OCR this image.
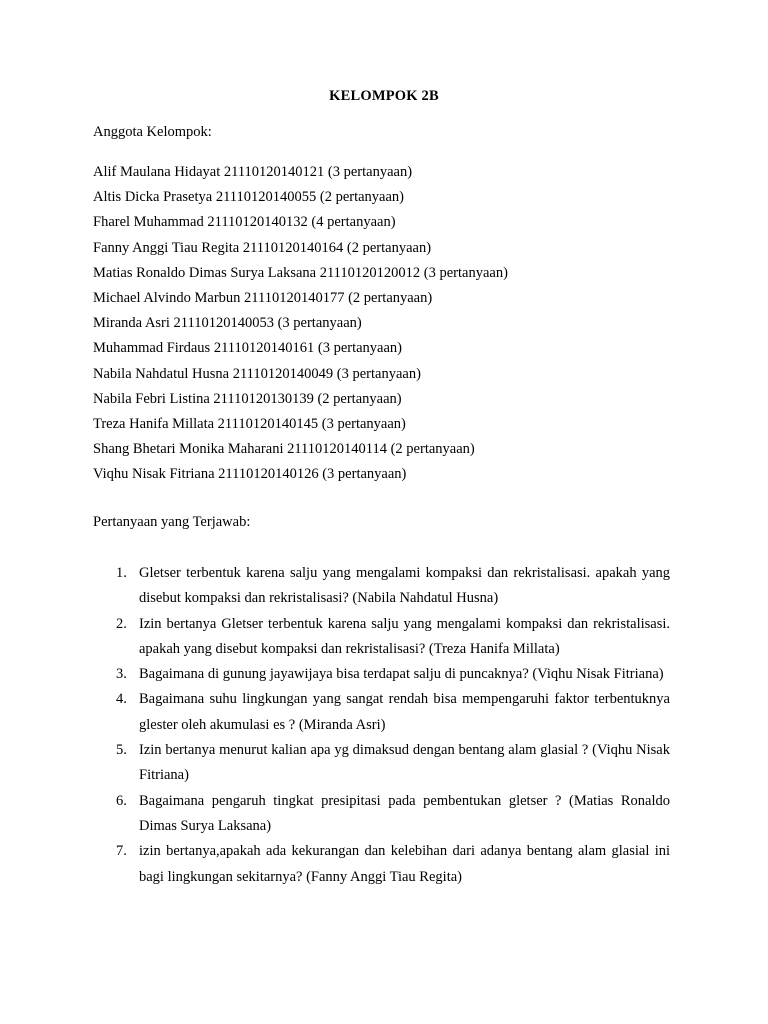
KELOMPOK 2B
Anggota Kelompok:
Alif Maulana Hidayat 21110120140121 (3 pertanyaan)
Altis Dicka Prasetya 21110120140055 (2 pertanyaan)
Fharel Muhammad 21110120140132 (4 pertanyaan)
Fanny Anggi Tiau Regita 21110120140164 (2 pertanyaan)
Matias Ronaldo Dimas Surya Laksana 21110120120012 (3 pertanyaan)
Michael Alvindo Marbun 21110120140177 (2 pertanyaan)
Miranda Asri 21110120140053 (3 pertanyaan)
Muhammad Firdaus 21110120140161 (3 pertanyaan)
Nabila Nahdatul Husna 21110120140049 (3 pertanyaan)
Nabila Febri Listina 21110120130139 (2 pertanyaan)
Treza Hanifa Millata 21110120140145 (3 pertanyaan)
Shang Bhetari Monika Maharani 21110120140114 (2 pertanyaan)
Viqhu Nisak Fitriana 21110120140126 (3 pertanyaan)
Pertanyaan yang Terjawab:
1. Gletser terbentuk karena salju yang mengalami kompaksi dan rekristalisasi. apakah yang disebut kompaksi dan rekristalisasi? (Nabila Nahdatul Husna)
2. Izin bertanya Gletser terbentuk karena salju yang mengalami kompaksi dan rekristalisasi. apakah yang disebut kompaksi dan rekristalisasi? (Treza Hanifa Millata)
3. Bagaimana di gunung jayawijaya bisa terdapat salju di puncaknya? (Viqhu Nisak Fitriana)
4. Bagaimana suhu lingkungan yang sangat rendah bisa mempengaruhi faktor terbentuknya glester oleh akumulasi es ? (Miranda Asri)
5. Izin bertanya menurut kalian apa yg dimaksud dengan bentang alam glasial ? (Viqhu Nisak Fitriana)
6. Bagaimana pengaruh tingkat presipitasi pada pembentukan gletser ? (Matias Ronaldo Dimas Surya Laksana)
7. izin bertanya,apakah ada kekurangan dan kelebihan dari adanya bentang alam glasial ini bagi lingkungan sekitarnya? (Fanny Anggi Tiau Regita)
